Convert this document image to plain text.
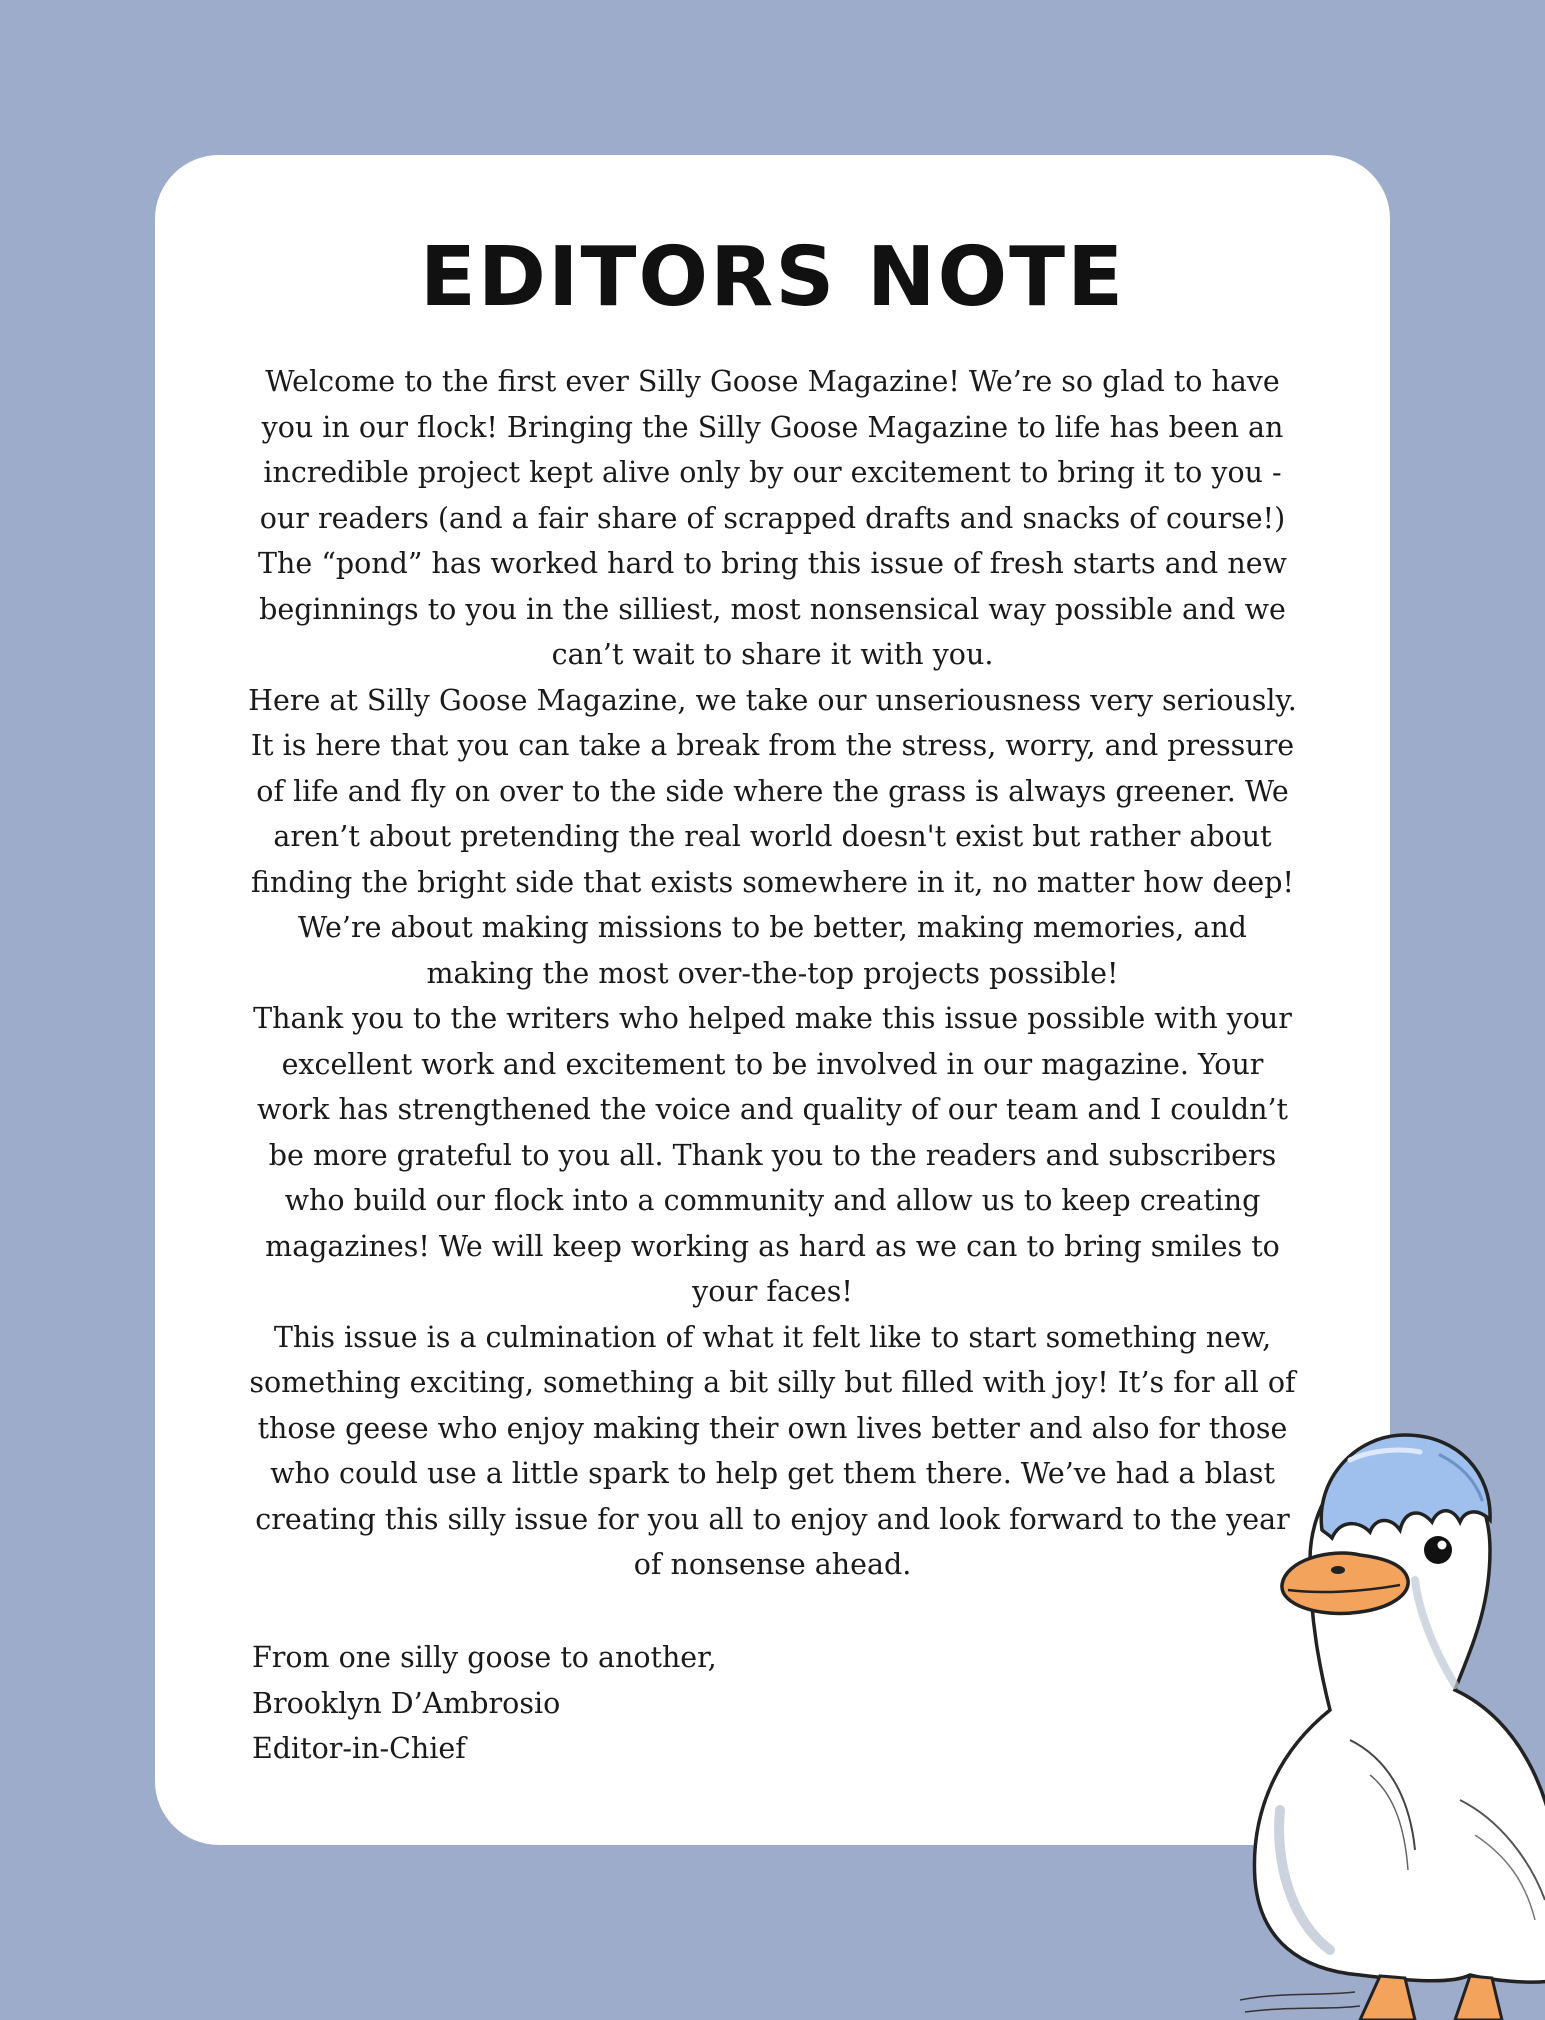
EDITORS NOTE

Welcome to the first ever Silly Goose Magazine! We’re so glad to have you in our flock! Bringing the Silly Goose Magazine to life has been an incredible project kept alive only by our excitement to bring it to you - our readers (and a fair share of scrapped drafts and snacks of course!) The “pond” has worked hard to bring this issue of fresh starts and new beginnings to you in the silliest, most nonsensical way possible and we can’t wait to share it with you.

Here at Silly Goose Magazine, we take our unseriousness very seriously. It is here that you can take a break from the stress, worry, and pressure of life and fly on over to the side where the grass is always greener. We aren’t about pretending the real world doesn't exist but rather about finding the bright side that exists somewhere in it, no matter how deep! We’re about making missions to be better, making memories, and making the most over-the-top projects possible!

Thank you to the writers who helped make this issue possible with your excellent work and excitement to be involved in our magazine. Your work has strengthened the voice and quality of our team and I couldn’t be more grateful to you all. Thank you to the readers and subscribers who build our flock into a community and allow us to keep creating magazines! We will keep working as hard as we can to bring smiles to your faces!

This issue is a culmination of what it felt like to start something new, something exciting, something a bit silly but filled with joy! It’s for all of those geese who enjoy making their own lives better and also for those who could use a little spark to help get them there. We’ve had a blast creating this silly issue for you all to enjoy and look forward to the year of nonsense ahead.

From one silly goose to another,
Brooklyn D’Ambrosio
Editor-in-Chief
